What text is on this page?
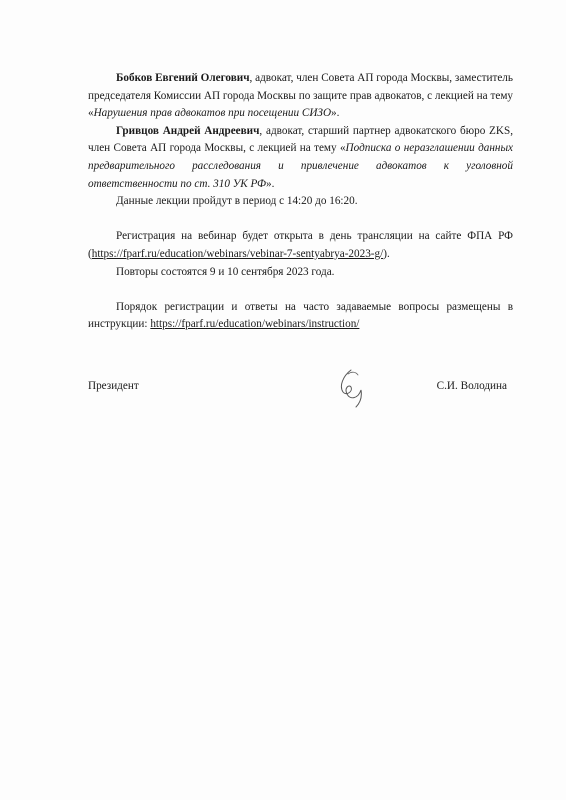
Бобков Евгений Олегович, адвокат, член Совета АП города Москвы, заместитель председателя Комиссии АП города Москвы по защите прав адвокатов, с лекцией на тему «Нарушения прав адвокатов при посещении СИЗО».

Гривцов Андрей Андреевич, адвокат, старший партнер адвокатского бюро ZKS, член Совета АП города Москвы, с лекцией на тему «Подписка о неразглашении данных предварительного расследования и привлечение адвокатов к уголовной ответственности по ст. 310 УК РФ».

Данные лекции пройдут в период с 14:20 до 16:20.

Регистрация на вебинар будет открыта в день трансляции на сайте ФПА РФ (https://fparf.ru/education/webinars/vebinar-7-sentyabrya-2023-g/).

Повторы состоятся 9 и 10 сентября 2023 года.

Порядок регистрации и ответы на часто задаваемые вопросы размещены в инструкции: https://fparf.ru/education/webinars/instruction/

Президент	С.И. Володина
